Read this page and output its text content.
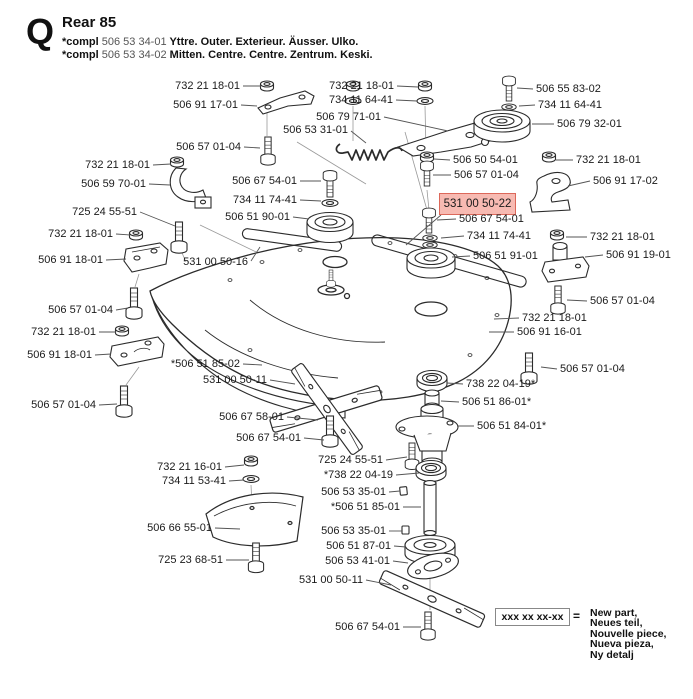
Q Rear 85
*compl 506 53 34-01 Yttre. Outer. Exterieur. Äusser. Ulko.
*compl 506 53 34-02 Mitten. Centre. Centre. Zentrum. Keski.
732 21 18-01
506 91 17-01
732 21 18-01
734 11 64-41
506 79 71-01
506 53 31-01
506 55 83-02
734 11 64-41
506 79 32-01
506 57 01-04
506 50 54-01
506 57 01-04
732 21 18-01
506 91 17-02
732 21 18-01
506 59 70-01
725 24 55-51
506 67 54-01
734 11 74-41
506 51 90-01
732 21 18-01
506 91 18-01	531 00 50-16
531 00 50-22
506 67 54-01
734 11 74-41
506 51 91-01
732 21 18-01
506 91 19-01
506 57 01-04
732 21 18-01
506 91 16-01
506 57 01-04
506 57 01-04
732 21 18-01
506 91 18-01
*506 51 85-02
531 00 50-11
506 57 01-04
506 67 58-01
506 67 54-01
738 22 04-19*
506 51 86-01*
506 51 84-01*
725 24 55-51
*738 22 04-19
506 53 35-01
*506 51 85-01
506 53 35-01
506 51 87-01
506 53 41-01
531 00 50-11
732 21 16-01
734 11 53-41
506 66 55-01
725 23 68-51
506 67 54-01
xxx xx xx-xx = New part,
Neues teil,
Nouvelle piece,
Nueva pieza,
Ny detalj
